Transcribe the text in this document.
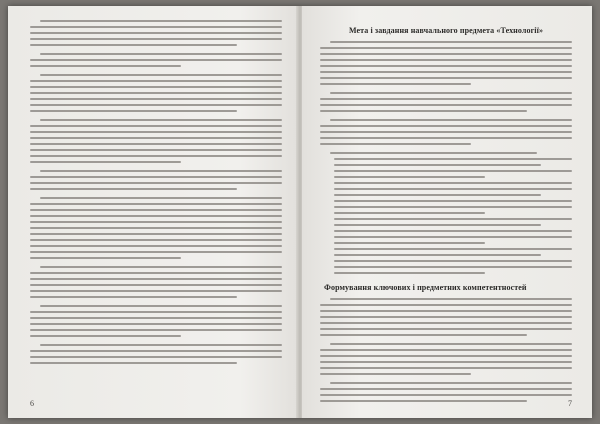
6
Мета і завдання навчального предмета «Технології»
Формування ключових і предметних компетентностей
7
